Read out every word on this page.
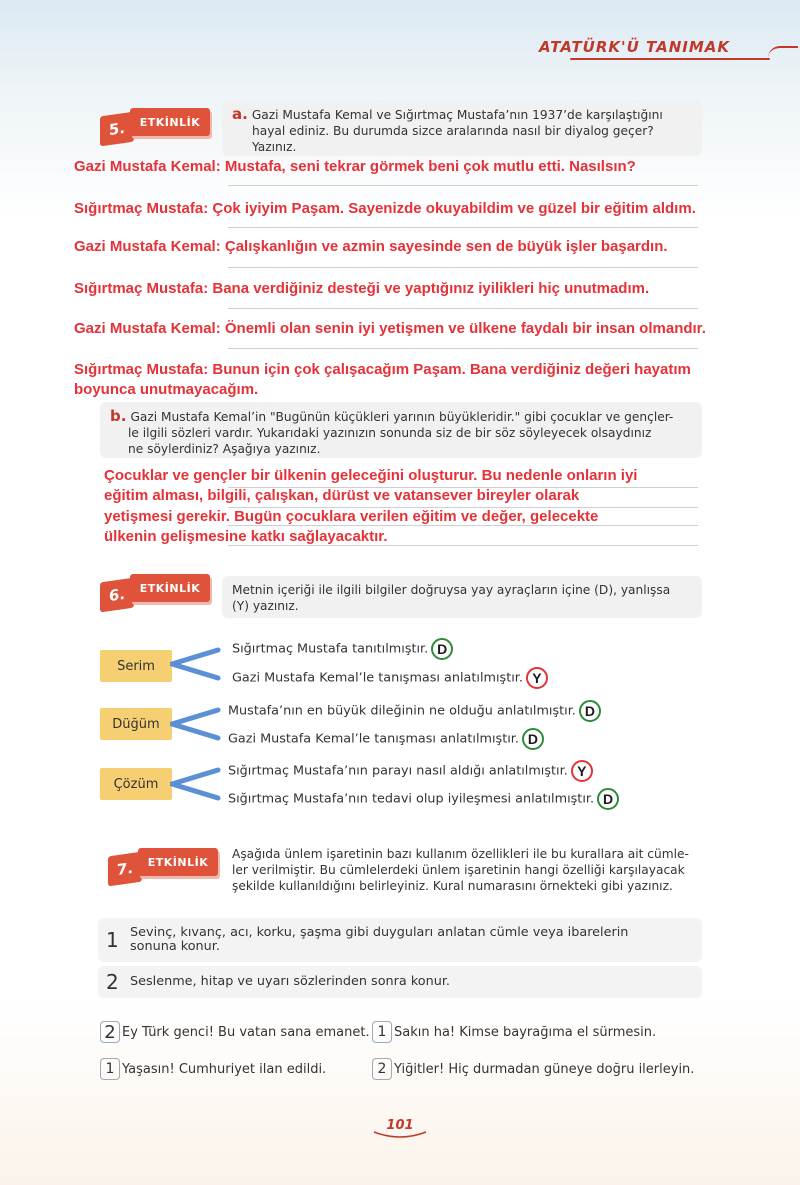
ATATÜRK'Ü TANIMAK
5.	ETKİNLİK	a. Gazi Mustafa Kemal ve Sığırtmaç Mustafa’nın 1937’de karşılaştığını
hayal ediniz. Bu durumda sizce aralarında nasıl bir diyalog geçer?
Yazınız.
Gazi Mustafa Kemal: Mustafa, seni tekrar görmek beni çok mutlu etti. Nasılsın?
Sığırtmaç Mustafa: Çok iyiyim Paşam. Sayenizde okuyabildim ve güzel bir eğitim aldım.
Gazi Mustafa Kemal: Çalışkanlığın ve azmin sayesinde sen de büyük işler başardın.
Sığırtmaç Mustafa: Bana verdiğiniz desteği ve yaptığınız iyilikleri hiç unutmadım.
Gazi Mustafa Kemal: Önemli olan senin iyi yetişmen ve ülkene faydalı bir insan olmandır.
Sığırtmaç Mustafa: Bunun için çok çalışacağım Paşam. Bana verdiğiniz değeri hayatım
boyunca unutmayacağım.
b. Gazi Mustafa Kemal’in "Bugünün küçükleri yarının büyükleridir." gibi çocuklar ve gençler-
le ilgili sözleri vardır. Yukarıdaki yazınızın sonunda siz de bir söz söyleyecek olsaydınız
ne söylerdiniz? Aşağıya yazınız.
Çocuklar ve gençler bir ülkenin geleceğini oluşturur. Bu nedenle onların iyi
eğitim alması, bilgili, çalışkan, dürüst ve vatansever bireyler olarak
yetişmesi gerekir. Bugün çocuklara verilen eğitim ve değer, gelecekte
ülkenin gelişmesine katkı sağlayacaktır.
6.	ETKİNLİK	Metnin içeriği ile ilgili bilgiler doğruysa yay ayraçların içine (D), yanlışsa
(Y) yazınız.
Serim
Sığırtmaç Mustafa tanıtılmıştır. D
Gazi Mustafa Kemal’le tanışması anlatılmıştır. Y
Düğüm
Mustafa’nın en büyük dileğinin ne olduğu anlatılmıştır. D
Gazi Mustafa Kemal’le tanışması anlatılmıştır. D
Çözüm
Sığırtmaç Mustafa’nın parayı nasıl aldığı anlatılmıştır. Y
Sığırtmaç Mustafa’nın tedavi olup iyileşmesi anlatılmıştır. D
7.	ETKİNLİK
Aşağıda ünlem işaretinin bazı kullanım özellikleri ile bu kurallara ait cümle-
ler verilmiştir. Bu cümlelerdeki ünlem işaretinin hangi özelliği karşılayacak
şekilde kullanıldığını belirleyiniz. Kural numarasını örnekteki gibi yazınız.
1 Sevinç, kıvanç, acı, korku, şaşma gibi duyguları anlatan cümle veya ibarelerin
sonuna konur.
2 Seslenme, hitap ve uyarı sözlerinden sonra konur.
2 Ey Türk genci! Bu vatan sana emanet. 1 Sakın ha! Kimse bayrağıma el sürmesin.
1 Yaşasın! Cumhuriyet ilan edildi.	2 Yiğitler! Hiç durmadan güneye doğru ilerleyin.
101
